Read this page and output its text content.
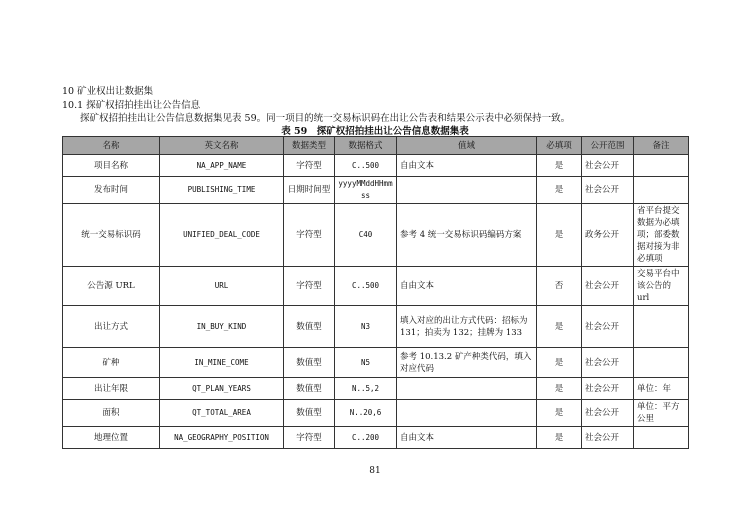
10 矿业权出让数据集
10.1 探矿权招拍挂出让公告信息
探矿权招拍挂出让公告信息数据集见表 59。同一项目的统一交易标识码在出让公告表和结果公示表中必须保持一致。
表 59　探矿权招拍挂出让公告信息数据集表
名称	英文名称	数据类型	数据格式	值域	必填项	公开范围	备注
项目名称	NA_APP_NAME	字符型	C..500	自由文本	是	社会公开	
发布时间	PUBLISHING_TIME	日期时间型	yyyyMMddHHmmss		是	社会公开	
统一交易标识码	UNIFIED_DEAL_CODE	字符型	C40	参考 4 统一交易标识码编码方案	是	政务公开	省平台提交数据为必填项；部委数据对接为非必填项
公告源 URL	URL	字符型	C..500	自由文本	否	社会公开	交易平台中该公告的 url
出让方式	IN_BUY_KIND	数值型	N3	填入对应的出让方式代码：招标为 131；拍卖为 132；挂牌为 133	是	社会公开	
矿种	IN_MINE_COME	数值型	N5	参考 10.13.2 矿产种类代码，填入对应代码	是	社会公开	
出让年限	QT_PLAN_YEARS	数值型	N..5,2		是	社会公开	单位：年
面积	QT_TOTAL_AREA	数值型	N..20,6		是	社会公开	单位：平方公里
地理位置	NA_GEOGRAPHY_POSITION	字符型	C..200	自由文本	是	社会公开	
81
